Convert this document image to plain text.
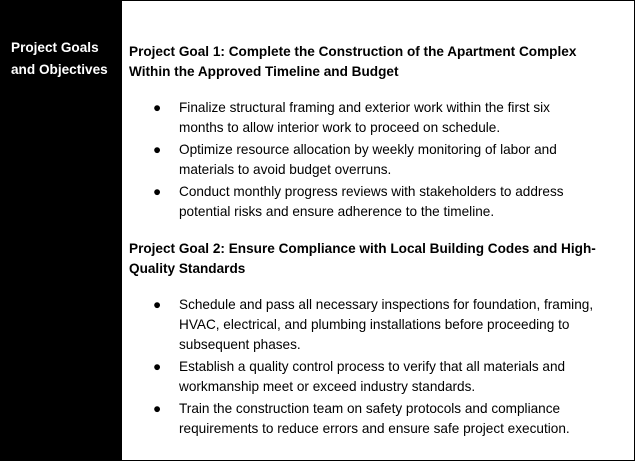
Project Goals
and Objectives
Project Goal 1: Complete the Construction of the Apartment Complex
Within the Approved Timeline and Budget
● Finalize structural framing and exterior work within the first six
months to allow interior work to proceed on schedule.
● Optimize resource allocation by weekly monitoring of labor and
materials to avoid budget overruns.
● Conduct monthly progress reviews with stakeholders to address
potential risks and ensure adherence to the timeline.
Project Goal 2: Ensure Compliance with Local Building Codes and High-
Quality Standards
● Schedule and pass all necessary inspections for foundation, framing,
HVAC, electrical, and plumbing installations before proceeding to
subsequent phases.
● Establish a quality control process to verify that all materials and
workmanship meet or exceed industry standards.
● Train the construction team on safety protocols and compliance
requirements to reduce errors and ensure safe project execution.
